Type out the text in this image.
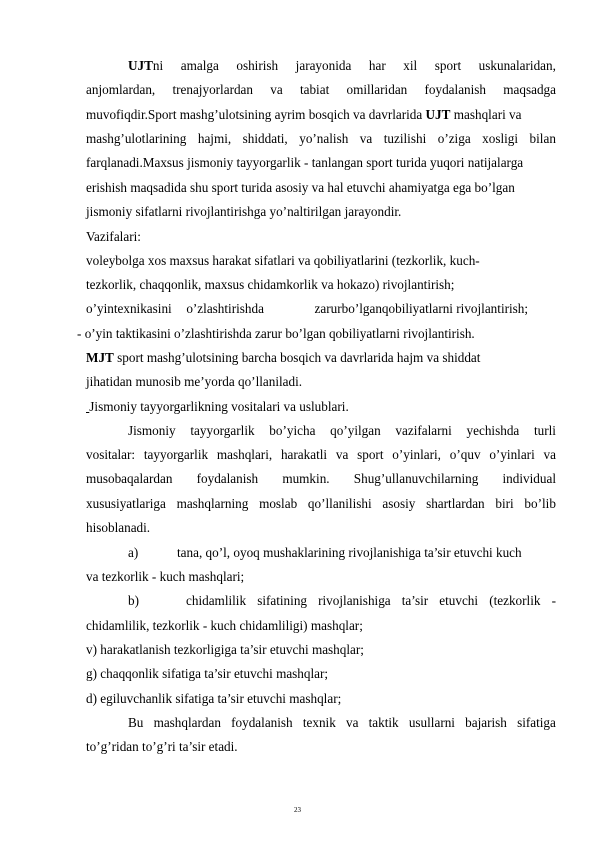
UJTni amalga oshirish jarayonida har xil sport uskunalaridan,
anjomlardan, trenajyorlardan va tabiat omillaridan foydalanish maqsadga
muvofiqdir.Sport mashg’ulotsining ayrim bosqich va davrlarida UJT mashqlari va
mashg’ulotlarining hajmi, shiddati, yo’nalish va tuzilishi o’ziga xosligi bilan
farqlanadi.Maxsus jismoniy tayyorgarlik - tanlangan sport turida yuqori natijalarga
erishish maqsadida shu sport turida asosiy va hal etuvchi ahamiyatga ega bo’lgan
jismoniy sifatlarni rivojlantirishga yo’naltirilgan jarayondir.
Vazifalari:
voleybolga xos maxsus harakat sifatlari va qobiliyatlarini (tezkorlik, kuch-
tezkorlik, chaqqonlik, maxsus chidamkorlik va hokazo) rivojlantirish;
o’yintexnikasini o’zlashtirishda	zarurbo’lganqobiliyatlarni rivojlantirish;
- o’yin taktikasini o’zlashtirishda zarur bo’lgan qobiliyatlarni rivojlantirish.
MJT sport mashg’ulotsining barcha bosqich va davrlarida hajm va shiddat
jihatidan munosib me’yorda qo’llaniladi.
Jismoniy tayyorgarlikning vositalari va uslublari.
Jismoniy tayyorgarlik bo’yicha qo’yilgan vazifalarni yechishda turli
vositalar: tayyorgarlik mashqlari, harakatli va sport o’yinlari, o’quv o’yinlari va
musobaqalardan foydalanish mumkin. Shug’ullanuvchilarning individual
xususiyatlariga mashqlarning moslab qo’llanilishi asosiy shartlardan biri bo’lib
hisoblanadi.
a)	tana, qo’l, oyoq mushaklarining rivojlanishiga ta’sir etuvchi kuch
va tezkorlik - kuch mashqlari;
b)	chidamlilik sifatining rivojlanishiga ta’sir etuvchi (tezkorlik -
chidamlilik, tezkorlik - kuch chidamliligi) mashqlar;
v) harakatlanish tezkorligiga ta’sir etuvchi mashqlar;
g) chaqqonlik sifatiga ta’sir etuvchi mashqlar;
d) egiluvchanlik sifatiga ta’sir etuvchi mashqlar;
Bu mashqlardan foydalanish texnik va taktik usullarni bajarish sifatiga
to’g’ridan to’g’ri ta’sir etadi.
23
